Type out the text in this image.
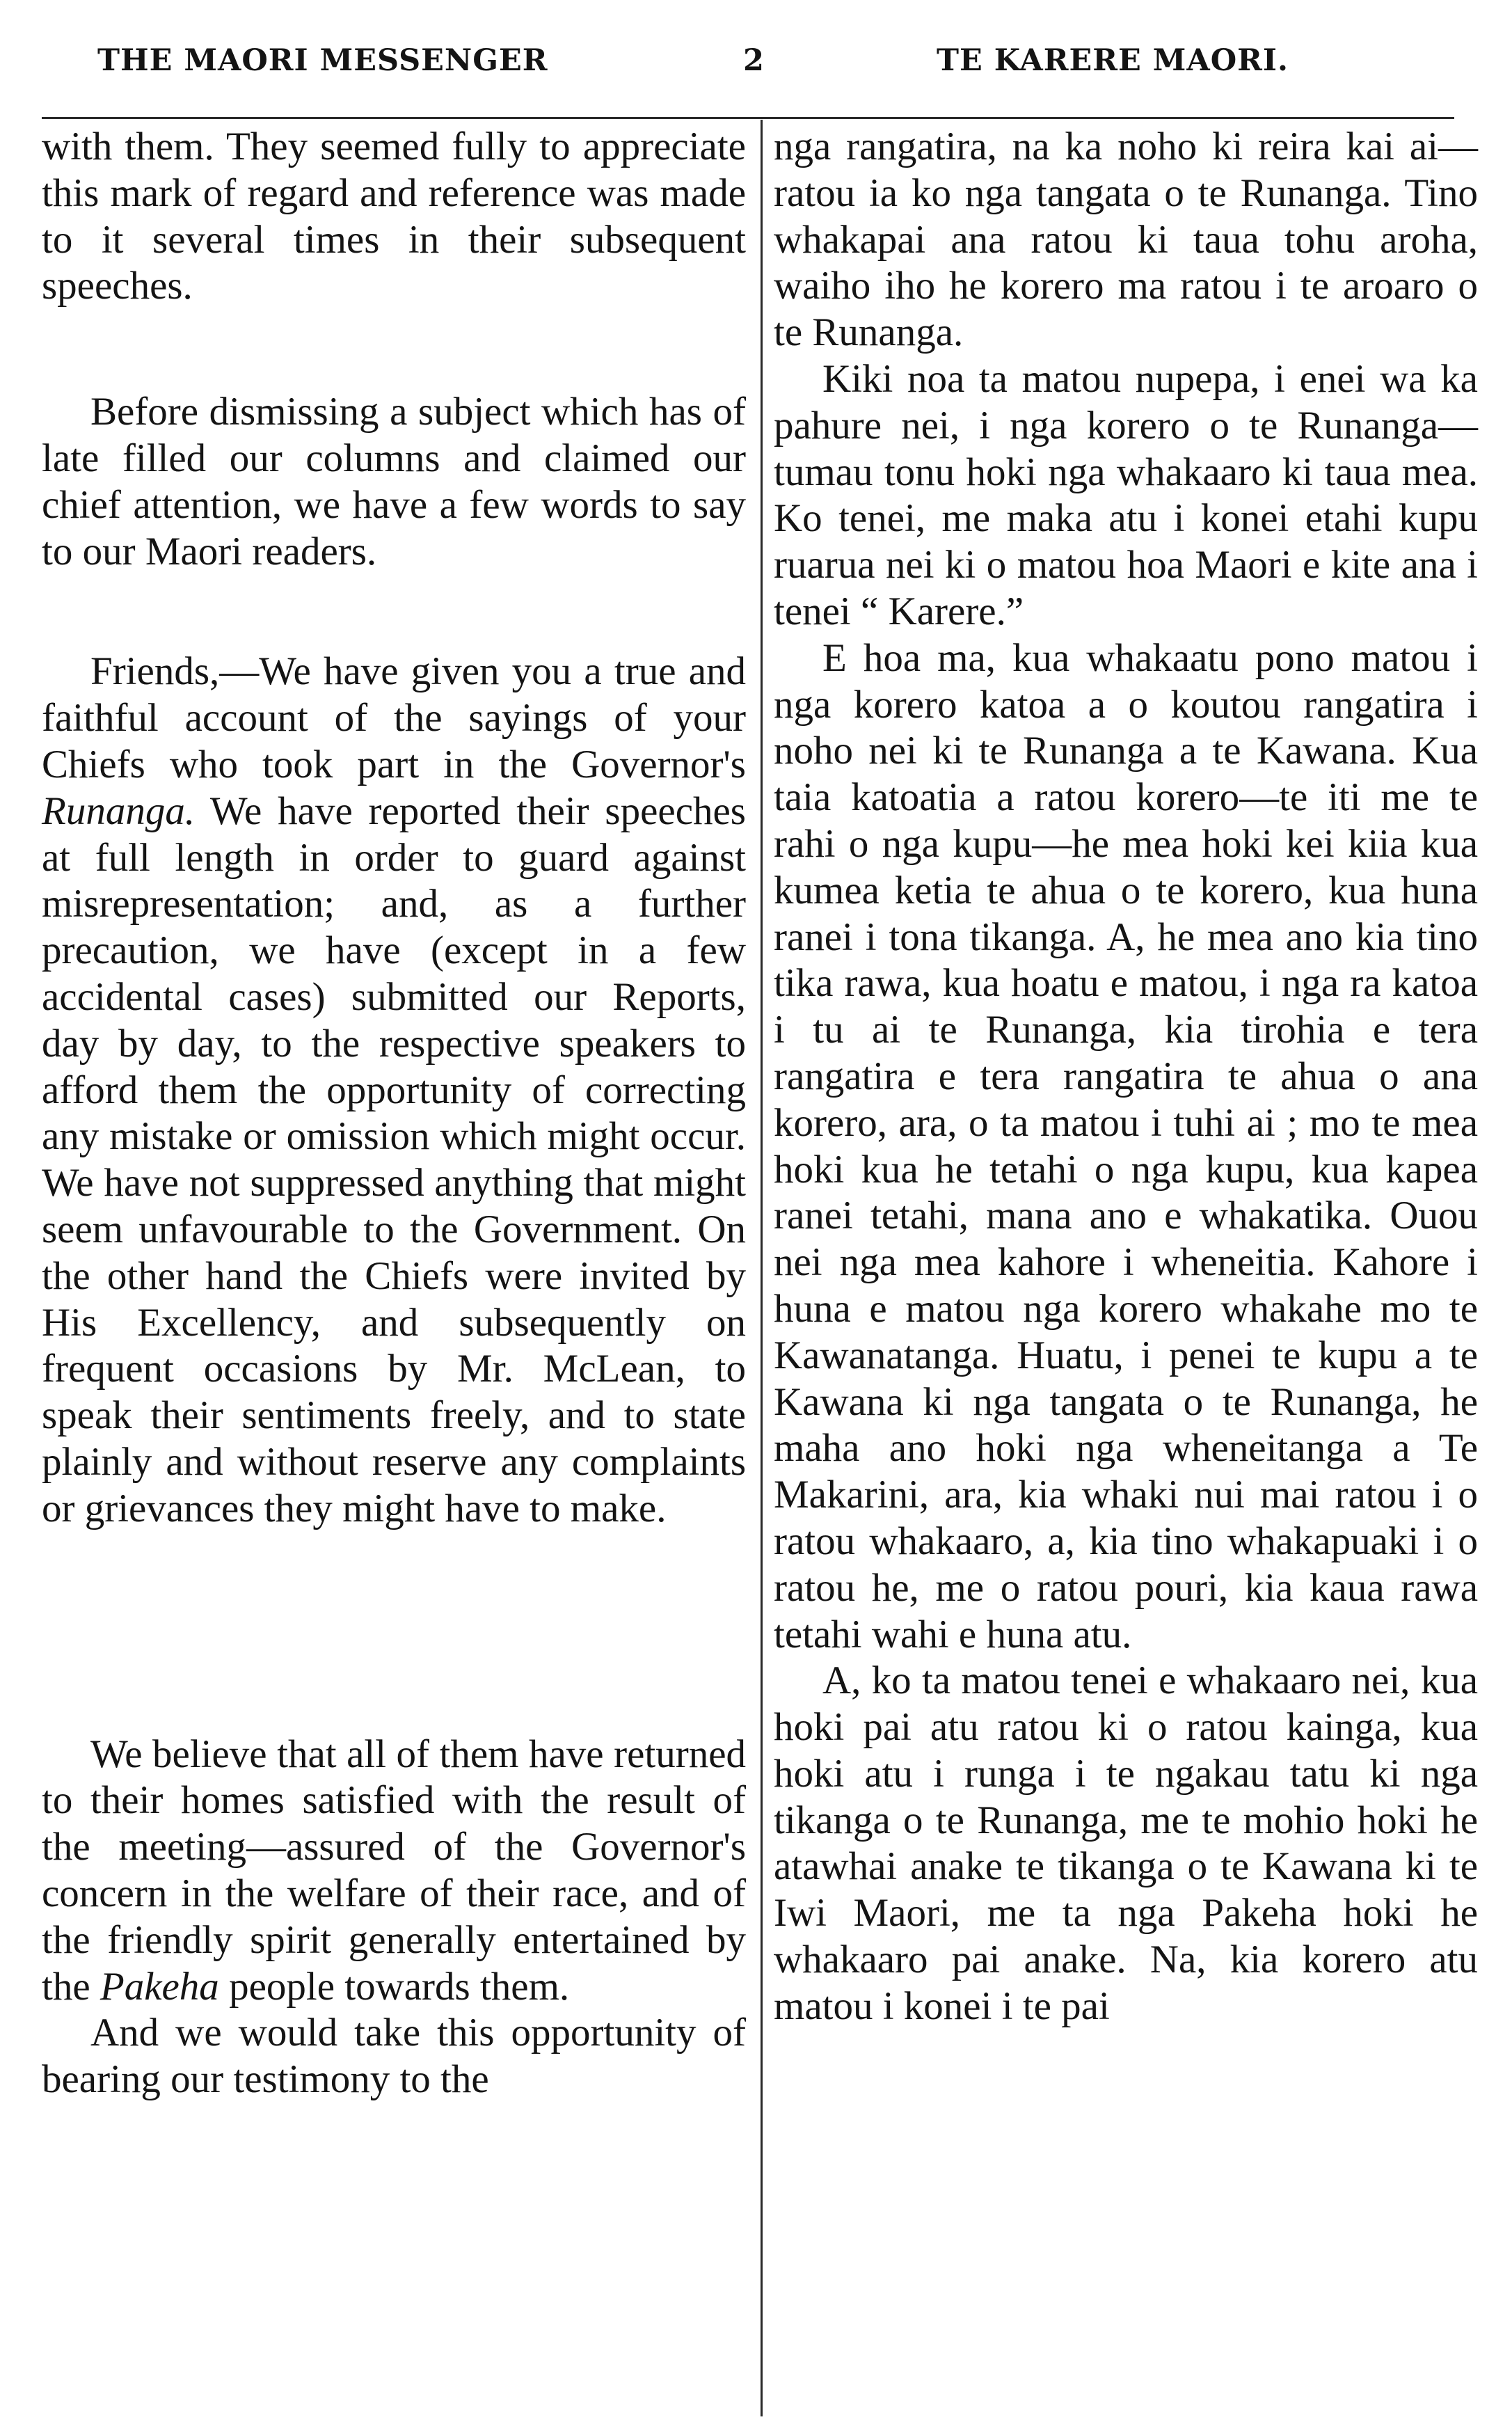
THE MAORI MESSENGER	2	TE KARERE MAORI.

with them. They seemed fully to appreciate this mark of regard and reference was made to it several times in their subsequent speeches.

Before dismissing a subject which has of late filled our columns and claimed our chief attention, we have a few words to say to our Maori readers.

Friends,—We have given you a true and faithful account of the sayings of your Chiefs who took part in the Governor's Runanga. We have reported their speeches at full length in order to guard against misrepresentation; and, as a further precaution, we have (except in a few accidental cases) submitted our Reports, day by day, to the respective speakers to afford them the opportunity of correcting any mistake or omission which might occur. We have not suppressed anything that might seem unfavourable to the Government. On the other hand the Chiefs were invited by His Excellency, and subsequently on frequent occasions by Mr. McLean, to speak their sentiments freely, and to state plainly and without reserve any complaints or grievances they might have to make.

We believe that all of them have returned to their homes satisfied with the result of the meeting—assured of the Governor's concern in the welfare of their race, and of the friendly spirit generally entertained by the Pakeha people towards them.

And we would take this opportunity of bearing our testimony to the

nga rangatira, na ka noho ki reira kai ai—ratou ia ko nga tangata o te Runanga. Tino whakapai ana ratou ki taua tohu aroha, waiho iho he korero ma ratou i te aroaro o te Runanga.

Kiki noa ta matou nupepa, i enei wa ka pahure nei, i nga korero o te Runanga—tumau tonu hoki nga whakaaro ki taua mea. Ko tenei, me maka atu i konei etahi kupu ruarua nei ki o matou hoa Maori e kite ana i tenei “ Karere.”

E hoa ma, kua whakaatu pono matou i nga korero katoa a o koutou rangatira i noho nei ki te Runanga a te Kawana. Kua taia katoatia a ratou korero—te iti me te rahi o nga kupu—he mea hoki kei kiia kua kumea ketia te ahua o te korero, kua huna ranei i tona tikanga. A, he mea ano kia tino tika rawa, kua hoatu e matou, i nga ra katoa i tu ai te Runanga, kia tirohia e tera rangatira e tera rangatira te ahua o ana korero, ara, o ta matou i tuhi ai ; mo te mea hoki kua he tetahi o nga kupu, kua kapea ranei tetahi, mana ano e whakatika. Ouou nei nga mea kahore i wheneitia. Kahore i huna e matou nga korero whakahe mo te Kawanatanga. Huatu, i penei te kupu a te Kawana ki nga tangata o te Runanga, he maha ano hoki nga wheneitanga a Te Makarini, ara, kia whaki nui mai ratou i o ratou whakaaro, a, kia tino whakapuaki i o ratou he, me o ratou pouri, kia kaua rawa tetahi wahi e huna atu.

A, ko ta matou tenei e whakaaro nei, kua hoki pai atu ratou ki o ratou kainga, kua hoki atu i runga i te ngakau tatu ki nga tikanga o te Runanga, me te mohio hoki he atawhai anake te tikanga o te Kawana ki te Iwi Maori, me ta nga Pakeha hoki he whakaaro pai anake. Na, kia korero atu matou i konei i te pai
